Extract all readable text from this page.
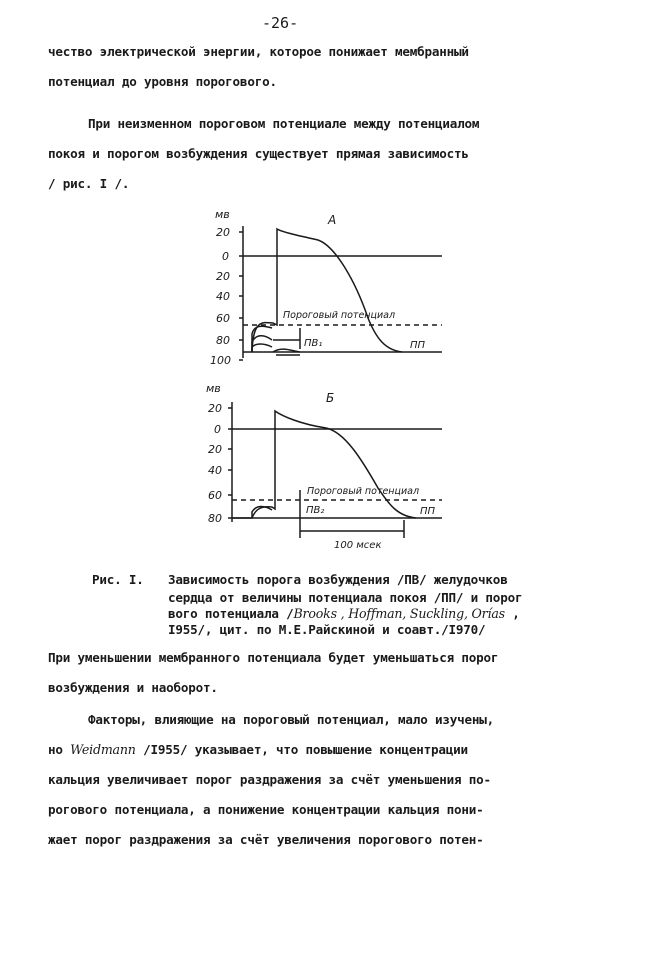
-26-
чество электрической энергии, которое понижает мембранный
потенциал до уровня порогового.
При неизменном пороговом потенциале между потенциалом
покоя и порогом возбуждения существует прямая зависимость
/ рис. I /.
мв	А
20
0
20
40
60
80
100
Пороговый потенциал
ПВ₁	ПП
мв
Б
20
0
20
40
60
80
Пороговый потенциал
ПВ₂	ПП
100 мсек
Рис. I. Зависимость порога возбуждения /ПВ/ желудочков
сердца от величины потенциала покоя /ПП/ и порог
вого потенциала /Brooks , Hoffman, Suckling, Orías ,
I955/, цит. по М.Е.Райскиной и соавт./I970/
При уменьшении мембранного потенциала будет уменьшаться порог
возбуждения и наоборот.
Факторы, влияющие на пороговый потенциал, мало изучены,
но Weidmann /I955/ указывает, что повышение концентрации
кальция увеличивает порог раздражения за счёт уменьшения по-
рогового потенциала, а понижение концентрации кальция пони-
жает порог раздражения за счёт увеличения порогового потен-
